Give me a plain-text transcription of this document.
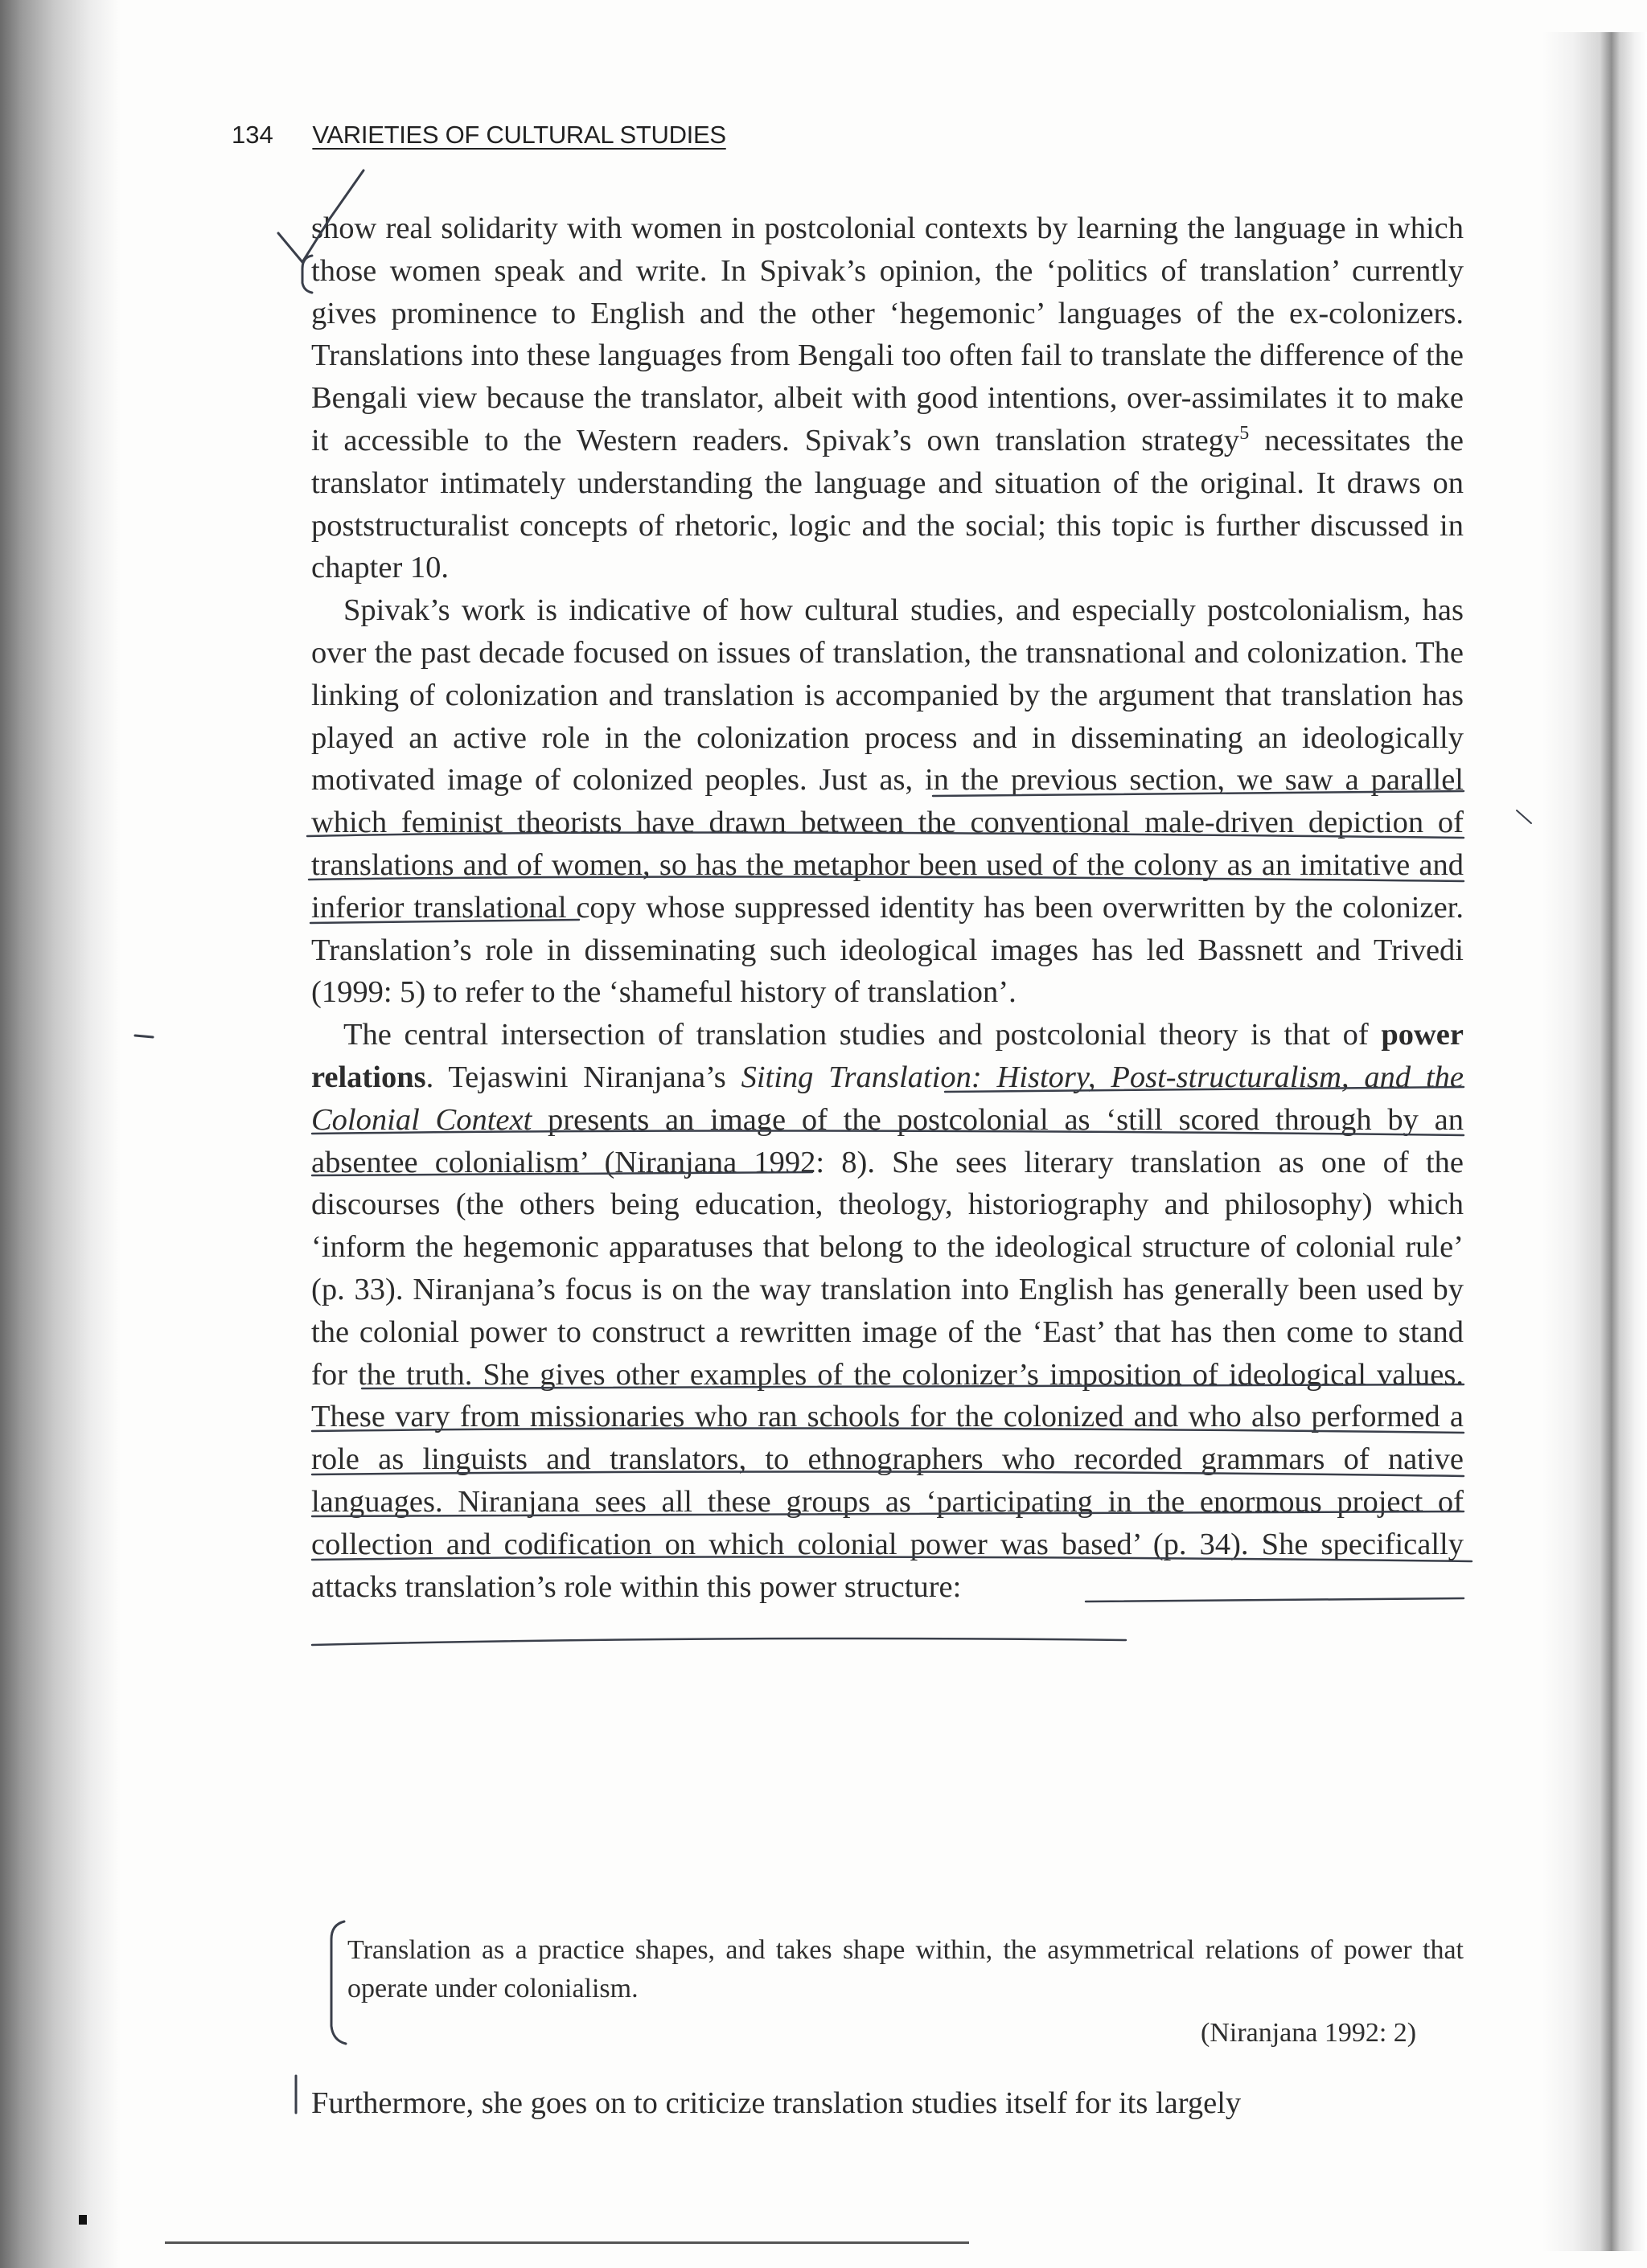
134 VARIETIES OF CULTURAL STUDIES

show real solidarity with women in postcolonial contexts by learning the language in which those women speak and write. In Spivak’s opinion, the ‘politics of translation’ currently gives prominence to English and the other ‘hegemonic’ languages of the ex-colonizers. Translations into these languages from Bengali too often fail to translate the difference of the Bengali view because the translator, albeit with good intentions, over-assimilates it to make it accessible to the Western readers. Spivak’s own translation strategy$^5$ necessitates the translator intimately understanding the language and situation of the original. It draws on poststructuralist concepts of rhetoric, logic and the social; this topic is further discussed in chapter 10.

Spivak’s work is indicative of how cultural studies, and especially postcolonialism, has over the past decade focused on issues of translation, the transnational and colonization. The linking of colonization and translation is accompanied by the argument that translation has played an active role in the colonization process and in disseminating an ideologically motivated image of colonized peoples. Just as, in the previous section, we saw a parallel which feminist theorists have drawn between the conventional male-driven depiction of translations and of women, so has the metaphor been used of the colony as an imitative and inferior translational copy whose suppressed identity has been overwritten by the colonizer. Translation’s role in disseminating such ideological images has led Bassnett and Trivedi (1999: 5) to refer to the ‘shameful history of translation’.

The central intersection of translation studies and postcolonial theory is that of power relations. Tejaswini Niranjana’s Siting Translation: History, Post-structuralism, and the Colonial Context presents an image of the postcolonial as ‘still scored through by an absentee colonialism’ (Niranjana 1992: 8). She sees literary translation as one of the discourses (the others being education, theology, historiography and philosophy) which ‘inform the hegemonic apparatuses that belong to the ideological structure of colonial rule’ (p. 33). Niranjana’s focus is on the way translation into English has generally been used by the colonial power to construct a rewritten image of the ‘East’ that has then come to stand for the truth. She gives other examples of the colonizer’s imposition of ideological values. These vary from missionaries who ran schools for the colonized and who also performed a role as linguists and translators, to ethnographers who recorded grammars of native languages. Niranjana sees all these groups as ‘participating in the enormous project of collection and codification on which colonial power was based’ (p. 34). She specifically attacks translation’s role within this power structure:

Translation as a practice shapes, and takes shape within, the asymmetrical relations of power that operate under colonialism.
(Niranjana 1992: 2)
Furthermore, she goes on to criticize translation studies itself for its largely
